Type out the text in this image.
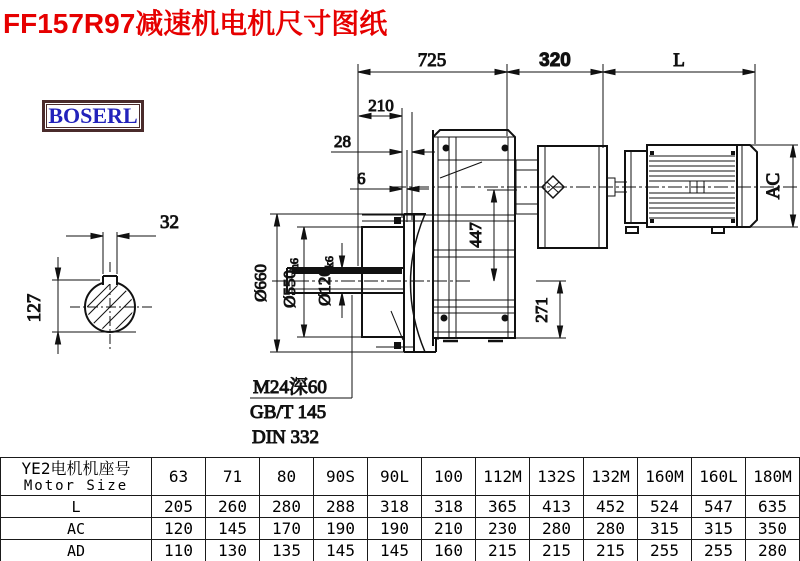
FF157R97减速机电机尺寸图纸
BOSERL
32
127
725	320	L
210
28
6
Ø660 Ø550h6
Ø120k6
447
271
AC
M24深60
GB/T 145
DIN 332
YE2电机机座号
Motor Size	63	71	80	90S	90L	100	112M	132S	132M	160M	160L	180M
L	205	260	280	288	318	318	365	413	452	524	547	635
AC	120	145	170	190	190	210	230	280	280	315	315	350
AD	110	130	135	145	145	160	215	215	215	255	255	280
